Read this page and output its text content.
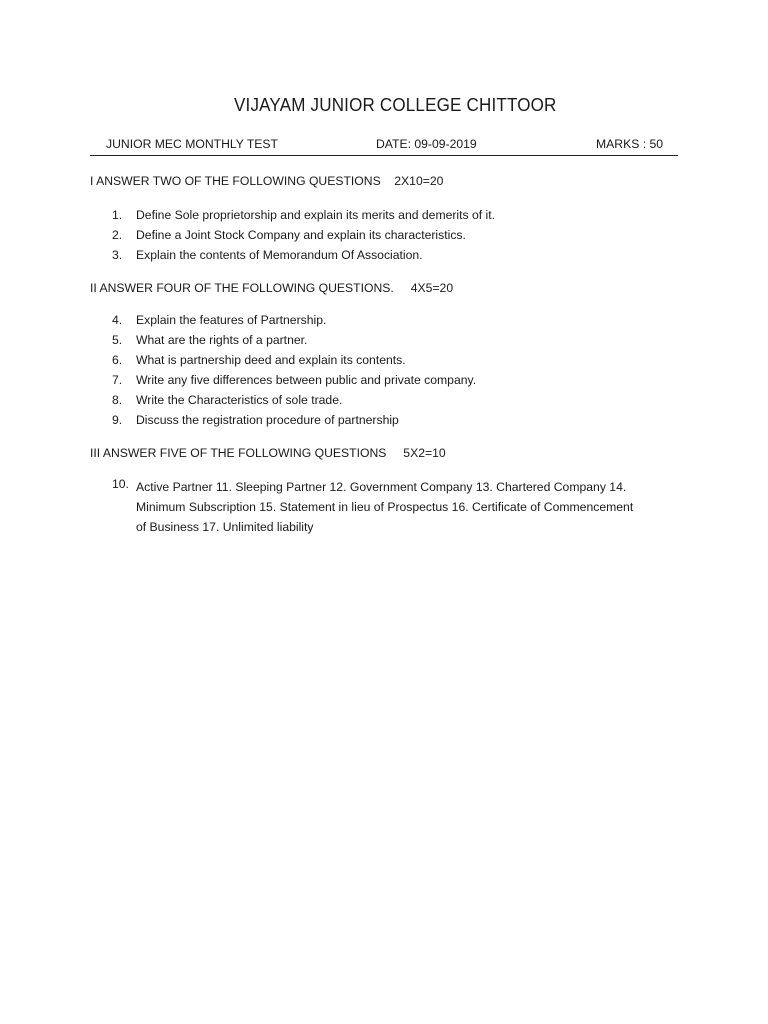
VIJAYAM JUNIOR COLLEGE CHITTOOR
JUNIOR MEC MONTHLY TEST	DATE: 09-09-2019	MARKS : 50
I ANSWER TWO OF THE FOLLOWING QUESTIONS    2X10=20
1.	Define Sole proprietorship and explain its merits and demerits of it.
2.	Define a Joint Stock Company and explain its characteristics.
3.	Explain the contents of Memorandum Of Association.
II ANSWER FOUR OF THE FOLLOWING QUESTIONS.     4X5=20
4.	Explain the features of Partnership.
5.	What are the rights of a partner.
6.	What is partnership deed and explain its contents.
7.	Write any five differences between public and private company.
8.	Write the Characteristics of sole trade.
9.	Discuss the registration procedure of partnership
III ANSWER FIVE OF THE FOLLOWING QUESTIONS     5X2=10
10. Active Partner 11. Sleeping Partner 12. Government Company 13. Chartered Company 14. Minimum Subscription 15. Statement in lieu of Prospectus 16. Certificate of Commencement of Business 17. Unlimited liability
